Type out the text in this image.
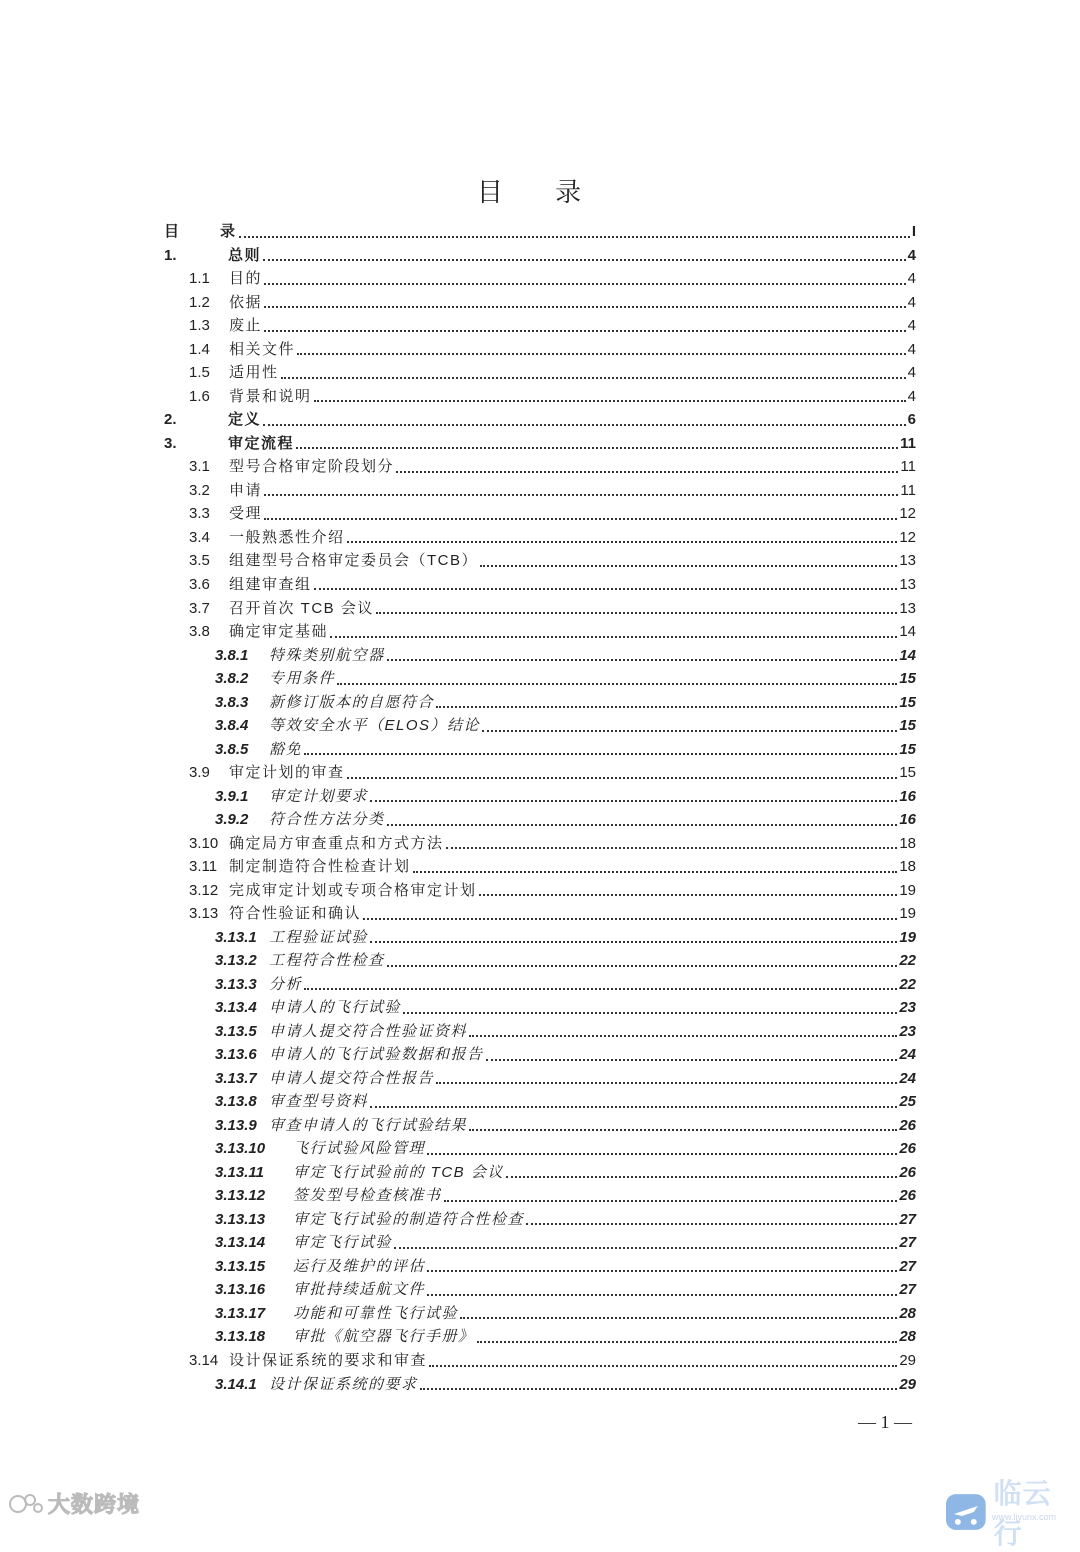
目 录
目	录	I
1.	总则	4
1.1	目的	4
1.2	依据	4
1.3	废止	4
1.4	相关文件	4
1.5	适用性	4
1.6	背景和说明	4
2.	定义	6
3.	审定流程	11
3.1	型号合格审定阶段划分	11
3.2	申请	11
3.3	受理	12
3.4	一般熟悉性介绍	12
3.5	组建型号合格审定委员会（TCB）	13
3.6	组建审查组	13
3.7	召开首次 TCB 会议	13
3.8	确定审定基础	14
3.8.1	特殊类别航空器	14
3.8.2	专用条件	15
3.8.3	新修订版本的自愿符合	15
3.8.4	等效安全水平（ELOS）结论	15
3.8.5	豁免	15
3.9	审定计划的审查	15
3.9.1	审定计划要求	16
3.9.2	符合性方法分类	16
3.10 确定局方审查重点和方式方法	18
3.11 制定制造符合性检查计划	18
3.12 完成审定计划或专项合格审定计划	19
3.13 符合性验证和确认	19
3.13.1 工程验证试验	19
3.13.2 工程符合性检查	22
3.13.3 分析	22
3.13.4 申请人的飞行试验	23
3.13.5 申请人提交符合性验证资料	23
3.13.6 申请人的飞行试验数据和报告	24
3.13.7 申请人提交符合性报告	24
3.13.8 审查型号资料	25
3.13.9 审查申请人的飞行试验结果	26
3.13.10	飞行试验风险管理	26
3.13.11	审定飞行试验前的 TCB 会议	26
3.13.12	签发型号检查核准书	26
3.13.13	审定飞行试验的制造符合性检查	27
3.13.14	审定飞行试验	27
3.13.15	运行及维护的评估	27
3.13.16	审批持续适航文件	27
3.13.17	功能和可靠性飞行试验	28
3.13.18	审批《航空器飞行手册》	28
3.14 设计保证系统的要求和审查	29
3.14.1 设计保证系统的要求	29
— 1 —
大数跨境	临云行
www.liyunx.com
